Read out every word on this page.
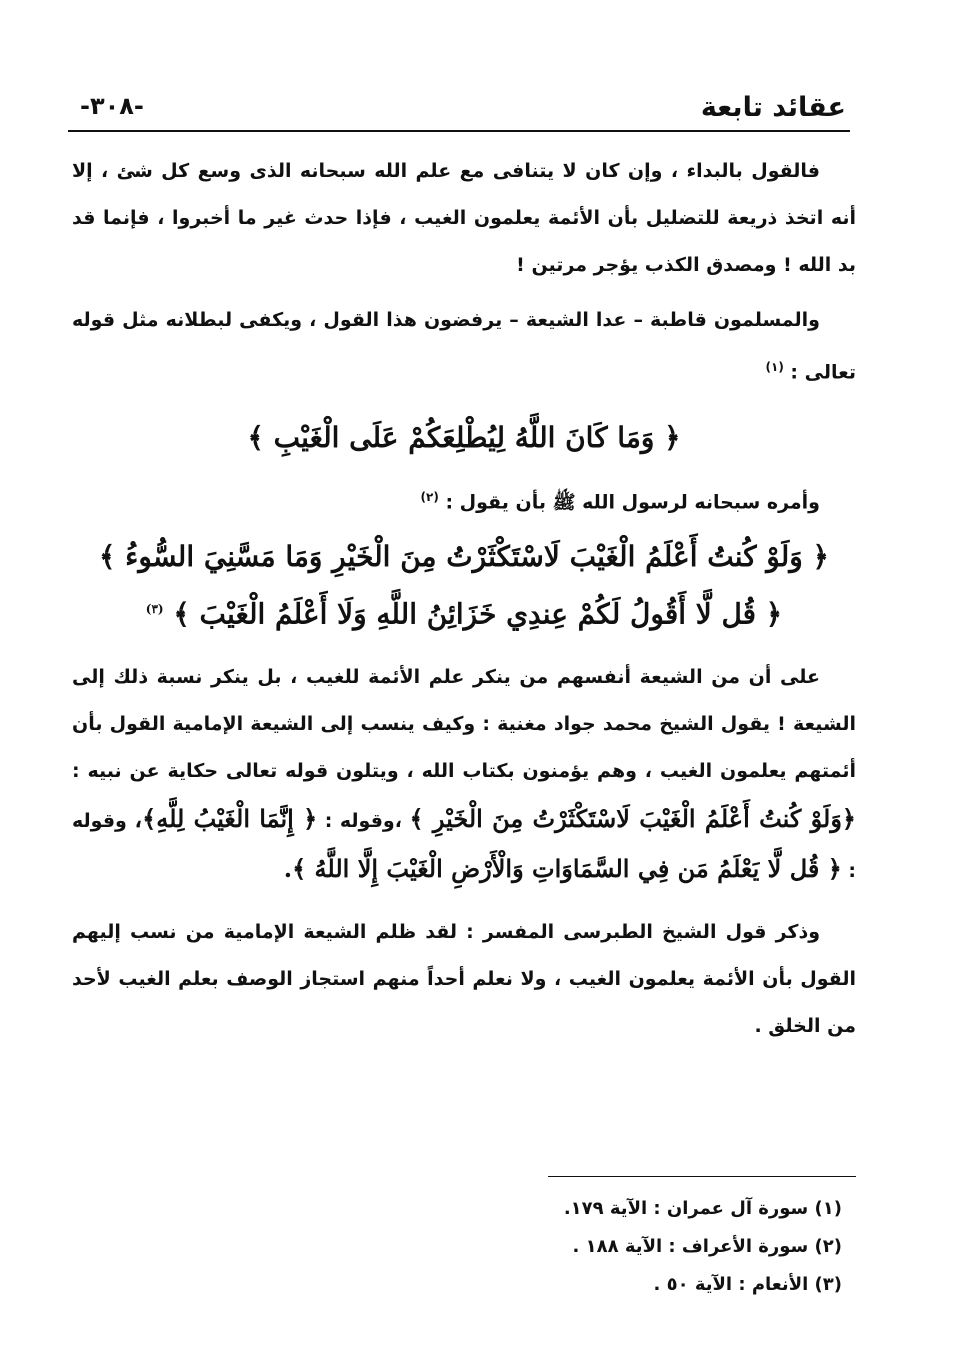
عقائد تابعة
-٣٠٨-

فالقول بالبداء ، وإن كان لا يتنافى مع علم الله سبحانه الذى وسع كل شئ ، إلا أنه اتخذ ذريعة للتضليل بأن الأئمة يعلمون الغيب ، فإذا حدث غير ما أخبروا ، فإنما قد بد الله ! ومصدق الكذب يؤجر مرتين !

والمسلمون قاطبة – عدا الشيعة – يرفضون هذا القول ، ويكفى لبطلانه مثل قوله تعالى : $^{(١)}$

﴿ وَمَا كَانَ اللَّهُ لِيُطْلِعَكُمْ عَلَى الْغَيْبِ ﴾

وأمره سبحانه لرسول الله ﷺ بأن يقول : $^{(٢)}$

﴿ وَلَوْ كُنتُ أَعْلَمُ الْغَيْبَ لَاسْتَكْثَرْتُ مِنَ الْخَيْرِ وَمَا مَسَّنِيَ السُّوءُ ﴾
﴿ قُل لَّا أَقُولُ لَكُمْ عِندِي خَزَائِنُ اللَّهِ وَلَا أَعْلَمُ الْغَيْبَ ﴾ $^{(٣)}$

على أن من الشيعة أنفسهم من ينكر علم الأئمة للغيب ، بل ينكر نسبة ذلك إلى الشيعة ! يقول الشيخ محمد جواد مغنية : وكيف ينسب إلى الشيعة الإمامية القول بأن أئمتهم يعلمون الغيب ، وهم يؤمنون بكتاب الله ، ويتلون قوله تعالى حكاية عن نبيه : ﴿وَلَوْ كُنتُ أَعْلَمُ الْغَيْبَ لَاسْتَكْثَرْتُ مِنَ الْخَيْرِ ﴾ ،وقوله : ﴿ إِنَّمَا الْغَيْبُ لِلَّهِ﴾، وقوله : ﴿ قُل لَّا يَعْلَمُ مَن فِي السَّمَاوَاتِ وَالْأَرْضِ الْغَيْبَ إِلَّا اللَّهُ ﴾.

وذكر قول الشيخ الطبرسى المفسر : لقد ظلم الشيعة الإمامية من نسب إليهم القول بأن الأئمة يعلمون الغيب ، ولا نعلم أحداً منهم استجاز الوصف بعلم الغيب لأحد من الخلق .

(١) سورة آل عمران : الآية ١٧٩.
(٢) سورة الأعراف : الآية ١٨٨ .
(٣) الأنعام : الآية ٥٠ .
